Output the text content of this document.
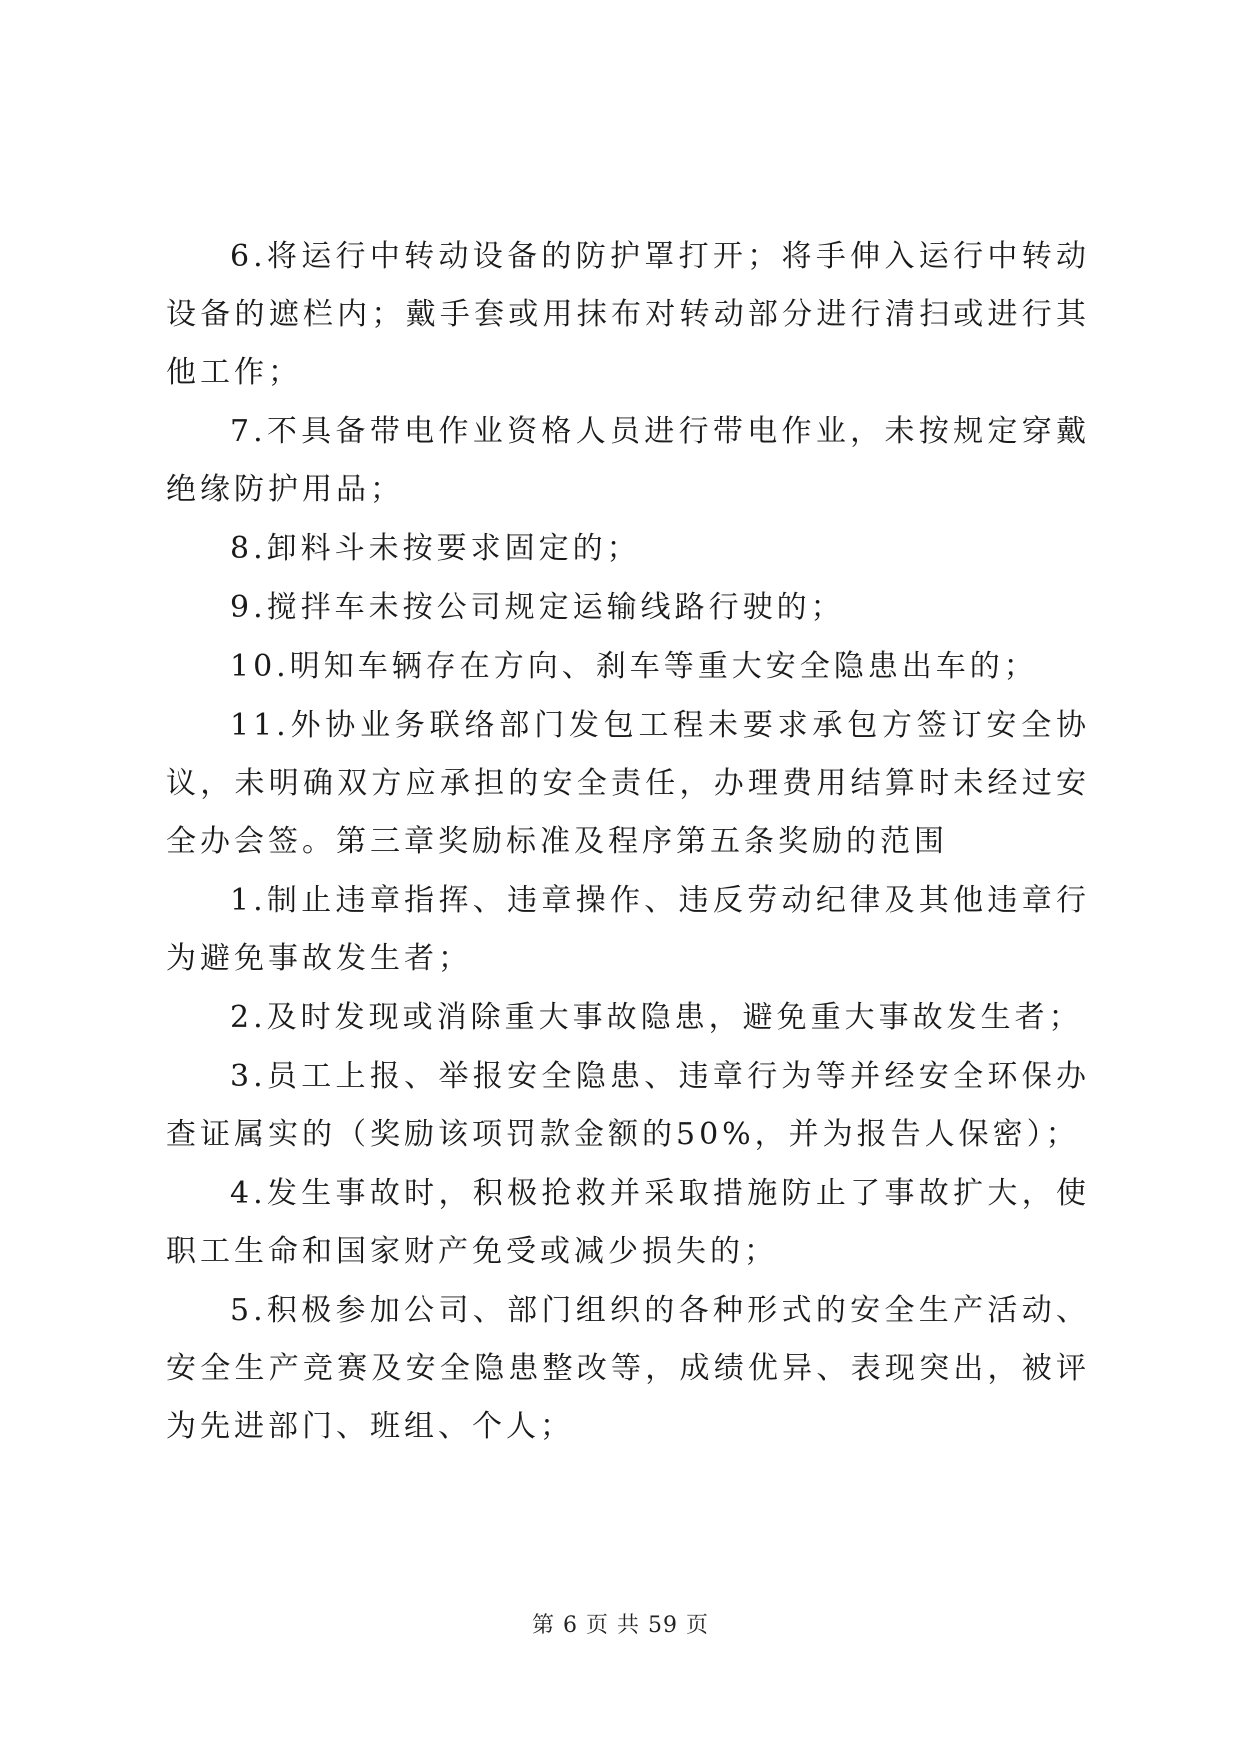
6.将运行中转动设备的防护罩打开；将手伸入运行中转动设备的遮栏内；戴手套或用抹布对转动部分进行清扫或进行其他工作；

7.不具备带电作业资格人员进行带电作业，未按规定穿戴绝缘防护用品；

8.卸料斗未按要求固定的；

9.搅拌车未按公司规定运输线路行驶的；

10.明知车辆存在方向、刹车等重大安全隐患出车的；

11.外协业务联络部门发包工程未要求承包方签订安全协议，未明确双方应承担的安全责任，办理费用结算时未经过安全办会签。第三章奖励标准及程序第五条奖励的范围

1.制止违章指挥、违章操作、违反劳动纪律及其他违章行为避免事故发生者；

2.及时发现或消除重大事故隐患，避免重大事故发生者；

3.员工上报、举报安全隐患、违章行为等并经安全环保办查证属实的（奖励该项罚款金额的50%，并为报告人保密）；

4.发生事故时，积极抢救并采取措施防止了事故扩大，使职工生命和国家财产免受或减少损失的；

5.积极参加公司、部门组织的各种形式的安全生产活动、安全生产竞赛及安全隐患整改等，成绩优异、表现突出，被评为先进部门、班组、个人；

第 6 页 共 59 页
